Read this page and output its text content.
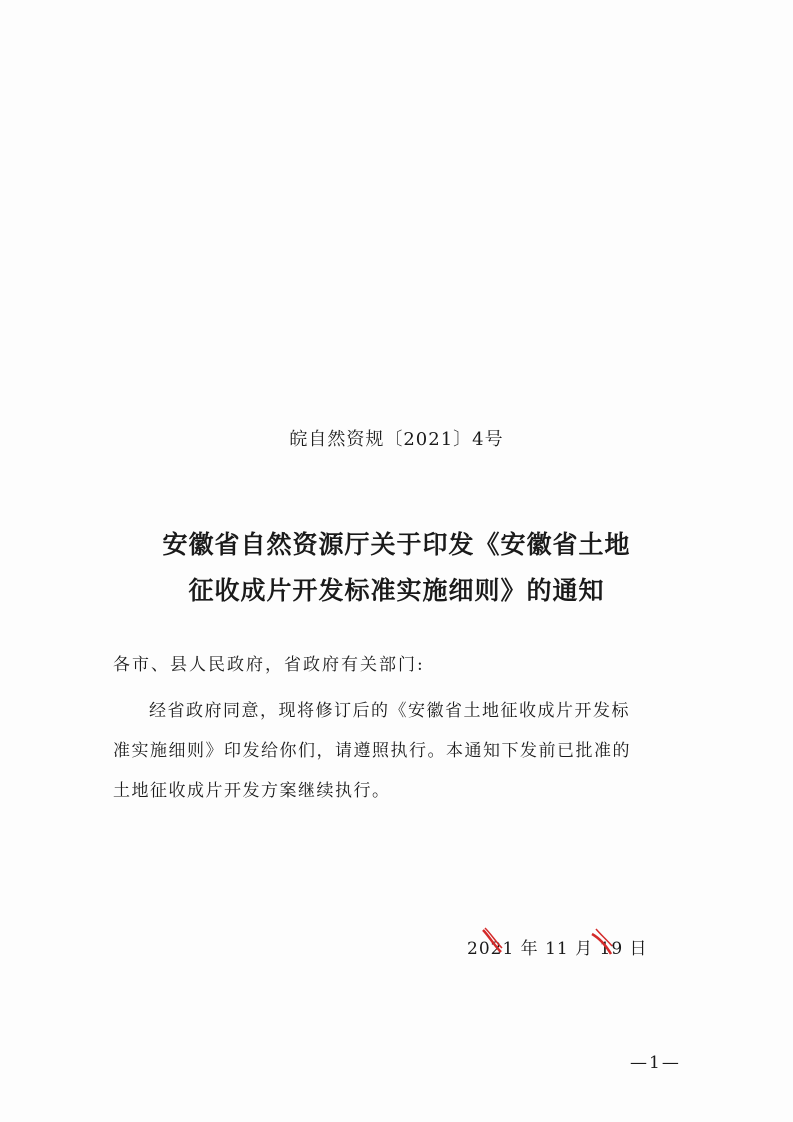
皖自然资规〔2021〕4号
安徽省自然资源厅关于印发《安徽省土地
征收成片开发标准实施细则》的通知
各市、县人民政府，省政府有关部门:
经省政府同意，现将修订后的《安徽省土地征收成片开发标
准实施细则》印发给你们，请遵照执行。本通知下发前已批准的
土地征收成片开发方案继续执行。
2021 年 11 月 19 日
—1—
